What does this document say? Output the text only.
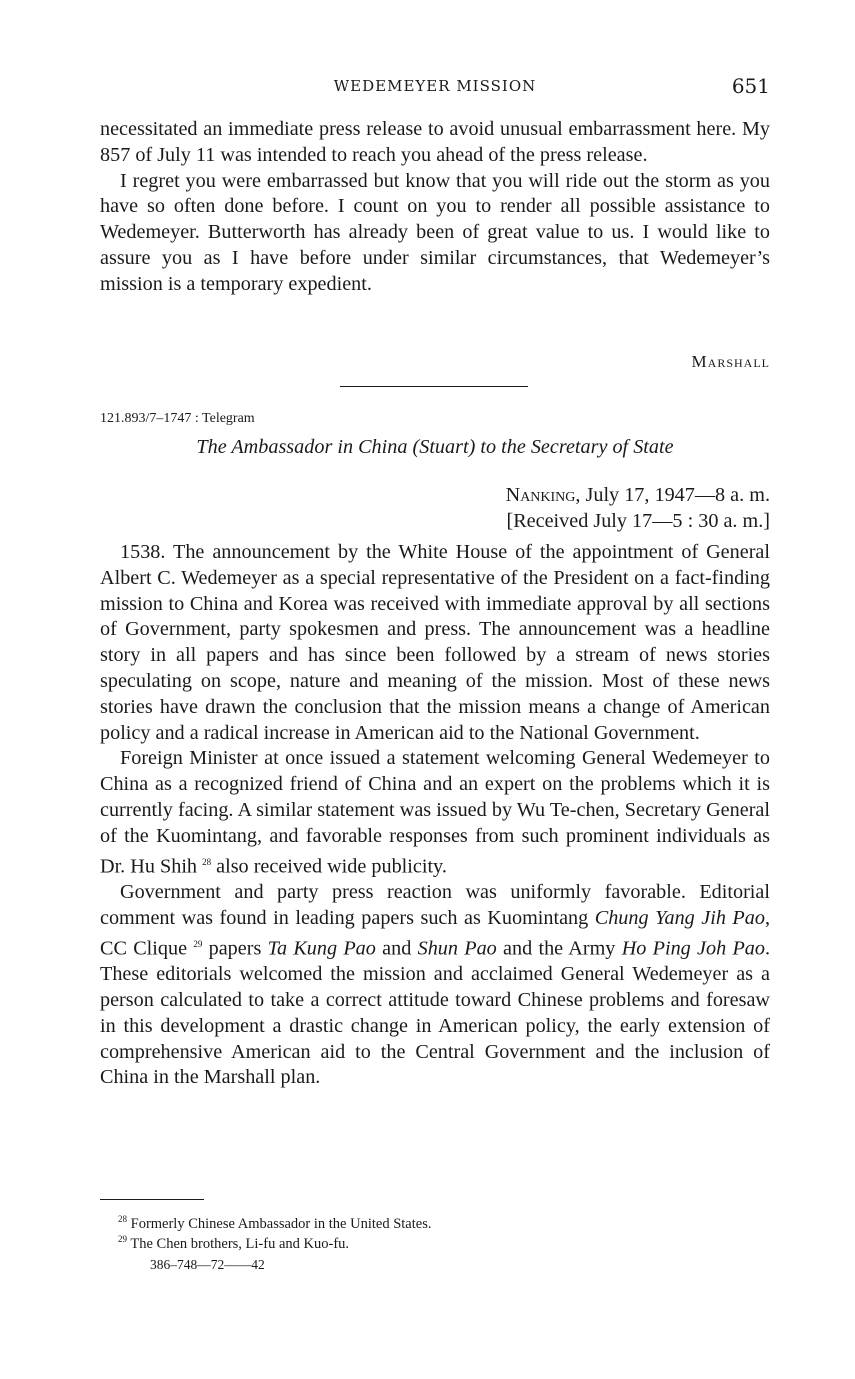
WEDEMEYER MISSION	651

necessitated an immediate press release to avoid unusual embarrassment here. My 857 of July 11 was intended to reach you ahead of the press release.

I regret you were embarrassed but know that you will ride out the storm as you have so often done before. I count on you to render all possible assistance to Wedemeyer. Butterworth has already been of great value to us. I would like to assure you as I have before under similar circumstances, that Wedemeyer’s mission is a temporary expedient.

Marshall
121.893/7–1747 : Telegram
The Ambassador in China (Stuart) to the Secretary of State
Nanking, July 17, 1947—8 a. m.
[Received July 17—5 : 30 a. m.]

1538. The announcement by the White House of the appointment of General Albert C. Wedemeyer as a special representative of the President on a fact-finding mission to China and Korea was received with immediate approval by all sections of Government, party spokesmen and press. The announcement was a headline story in all papers and has since been followed by a stream of news stories speculating on scope, nature and meaning of the mission. Most of these news stories have drawn the conclusion that the mission means a change of American policy and a radical increase in American aid to the National Government.

Foreign Minister at once issued a statement welcoming General Wedemeyer to China as a recognized friend of China and an expert on the problems which it is currently facing. A similar statement was issued by Wu Te-chen, Secretary General of the Kuomintang, and favorable responses from such prominent individuals as Dr. Hu Shih $^{28}$ also received wide publicity.

Government and party press reaction was uniformly favorable. Editorial comment was found in leading papers such as Kuomintang Chung Yang Jih Pao, CC Clique $^{29}$ papers Ta Kung Pao and Shun Pao and the Army Ho Ping Joh Pao. These editorials welcomed the mission and acclaimed General Wedemeyer as a person calculated to take a correct attitude toward Chinese problems and foresaw in this development a drastic change in American policy, the early extension of comprehensive American aid to the Central Government and the inclusion of China in the Marshall plan.

$^{28}$ Formerly Chinese Ambassador in the United States.
$^{29}$ The Chen brothers, Li-fu and Kuo-fu.
386–748—72——42
